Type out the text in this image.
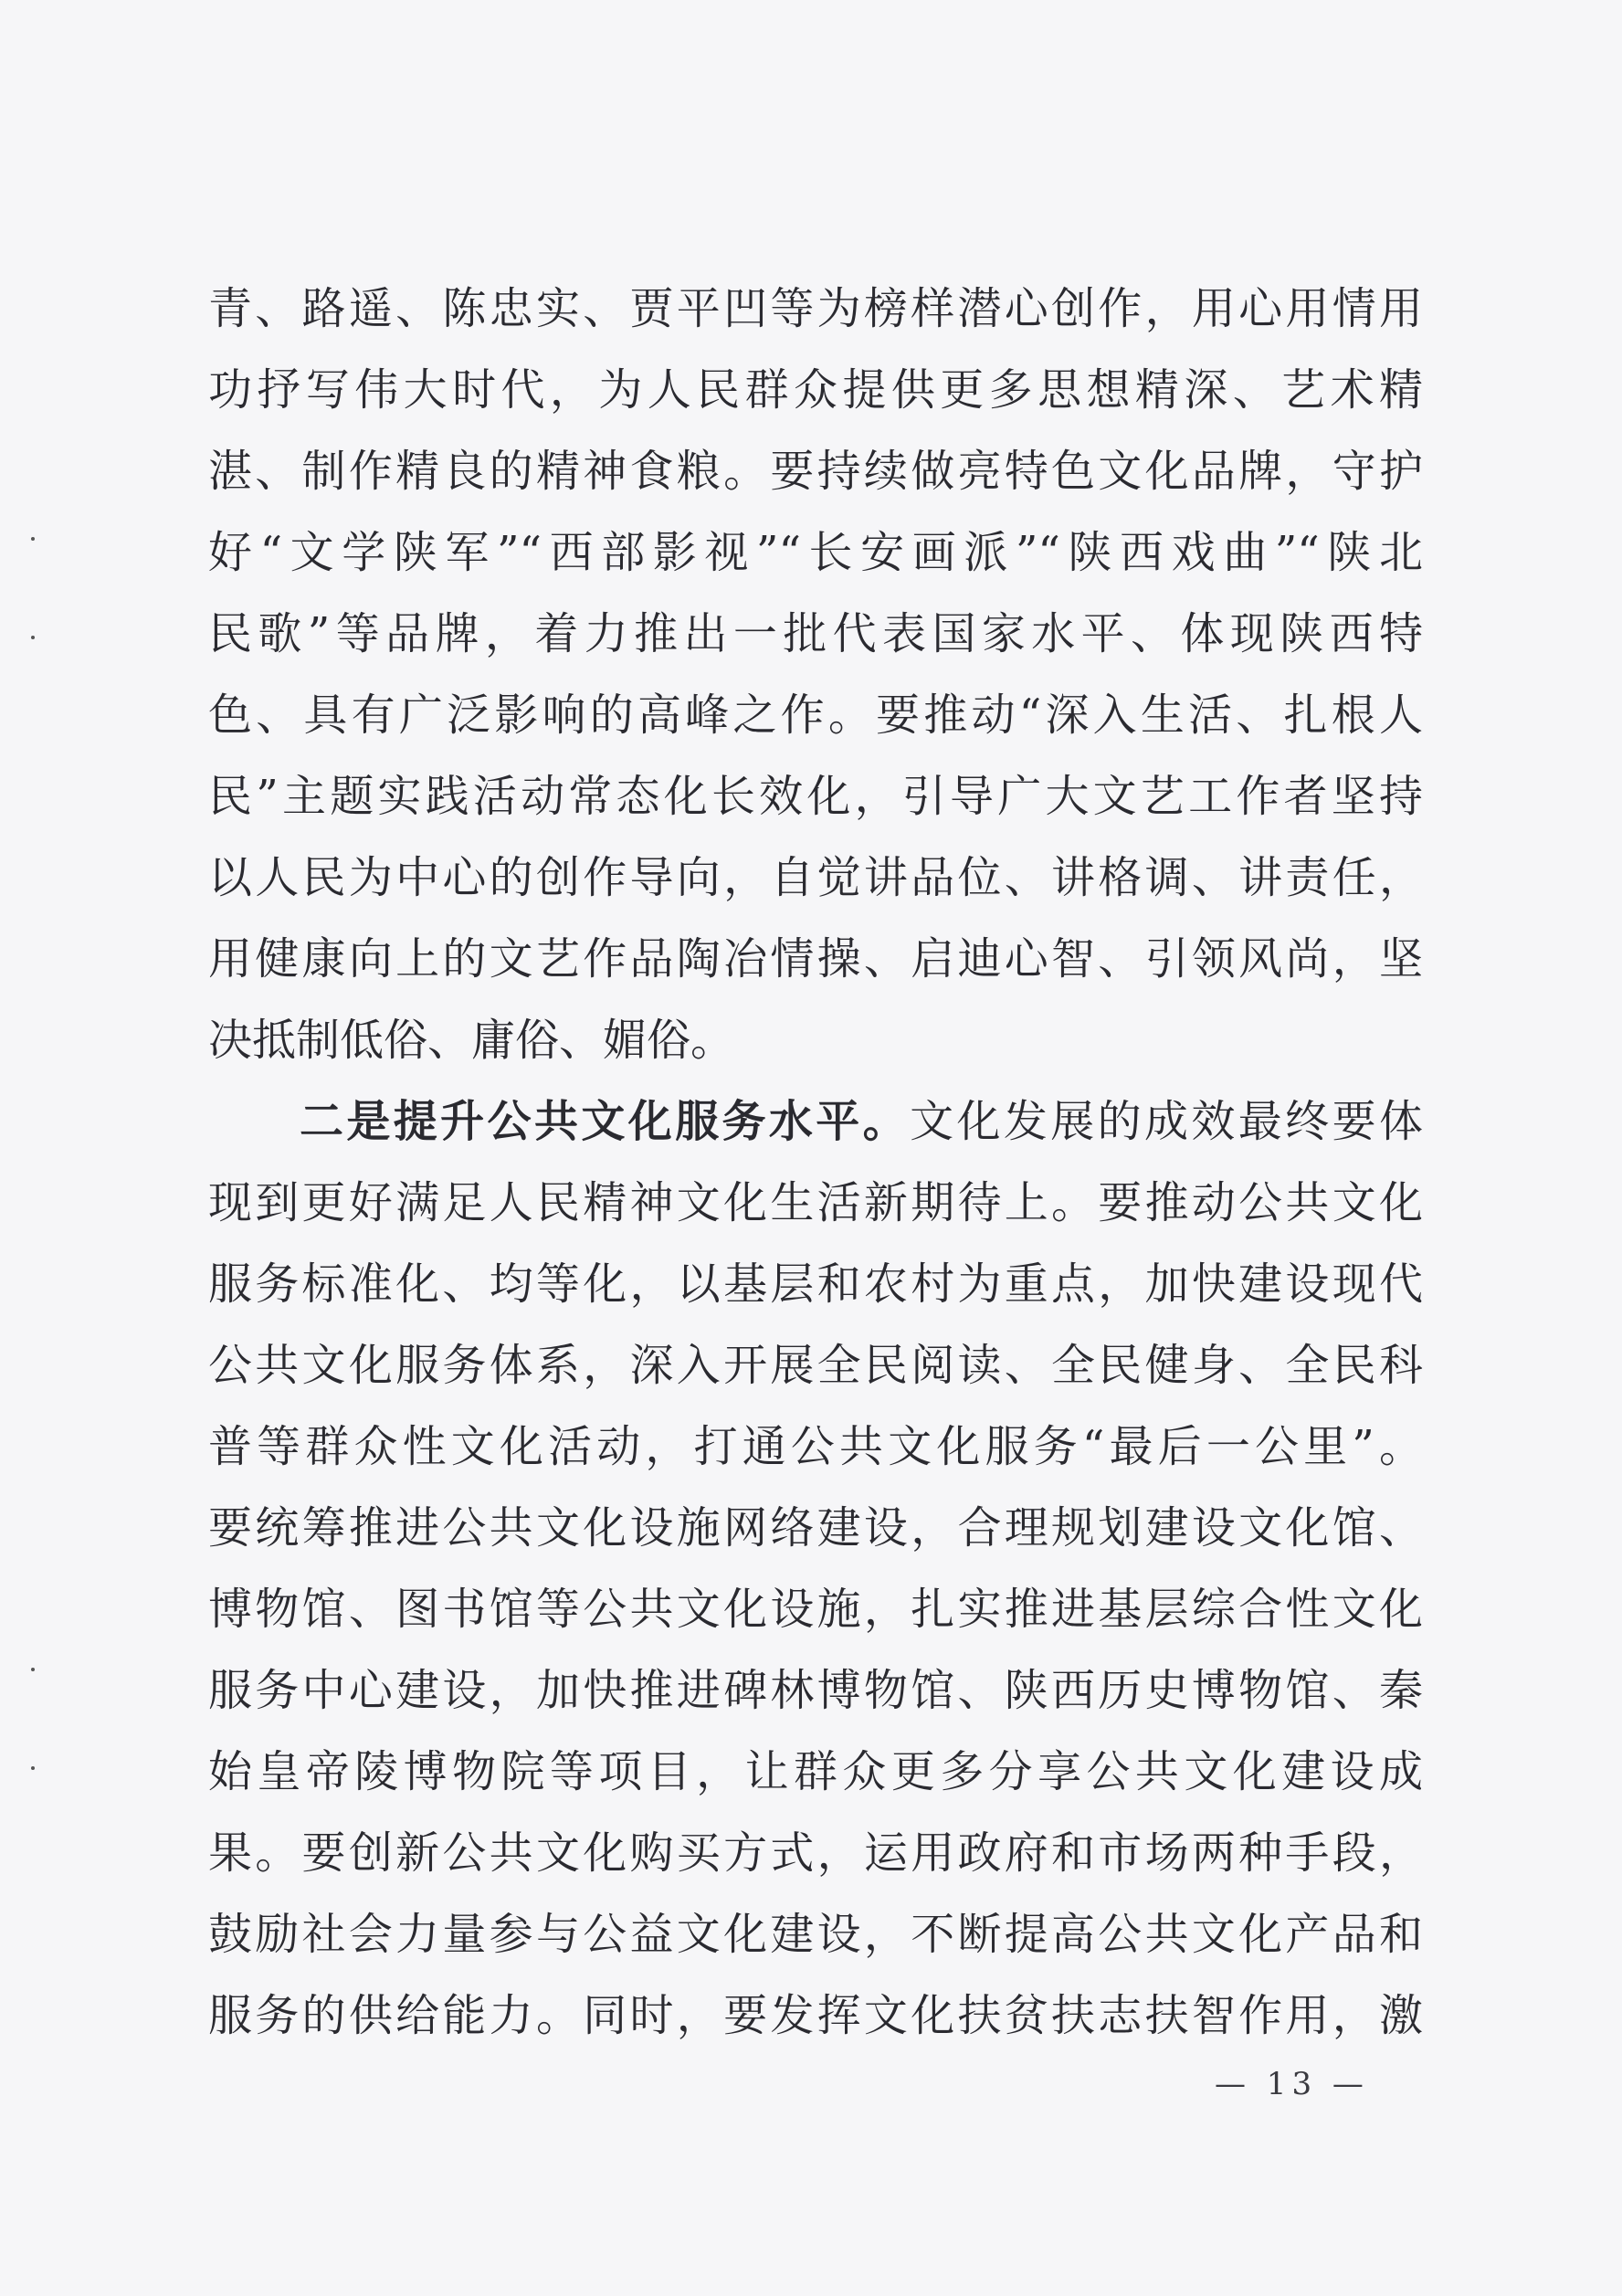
青、路遥、陈忠实、贾平凹等为榜样潜心创作，用心用情用
功抒写伟大时代，为人民群众提供更多思想精深、艺术精
湛、制作精良的精神食粮。要持续做亮特色文化品牌，守护
好“文学陕军”“西部影视”“长安画派”“陕西戏曲”“陕北
民歌”等品牌，着力推出一批代表国家水平、体现陕西特
色、具有广泛影响的高峰之作。要推动“深入生活、扎根人
民”主题实践活动常态化长效化，引导广大文艺工作者坚持
以人民为中心的创作导向，自觉讲品位、讲格调、讲责任，
用健康向上的文艺作品陶冶情操、启迪心智、引领风尚，坚
决抵制低俗、庸俗、媚俗。
二是提升公共文化服务水平。文化发展的成效最终要体
现到更好满足人民精神文化生活新期待上。要推动公共文化
服务标准化、均等化，以基层和农村为重点，加快建设现代
公共文化服务体系，深入开展全民阅读、全民健身、全民科
普等群众性文化活动，打通公共文化服务“最后一公里”。
要统筹推进公共文化设施网络建设，合理规划建设文化馆、
博物馆、图书馆等公共文化设施，扎实推进基层综合性文化
服务中心建设，加快推进碑林博物馆、陕西历史博物馆、秦
始皇帝陵博物院等项目，让群众更多分享公共文化建设成
果。要创新公共文化购买方式，运用政府和市场两种手段，
鼓励社会力量参与公益文化建设，不断提高公共文化产品和
服务的供给能力。同时，要发挥文化扶贫扶志扶智作用，激
— 13 —
